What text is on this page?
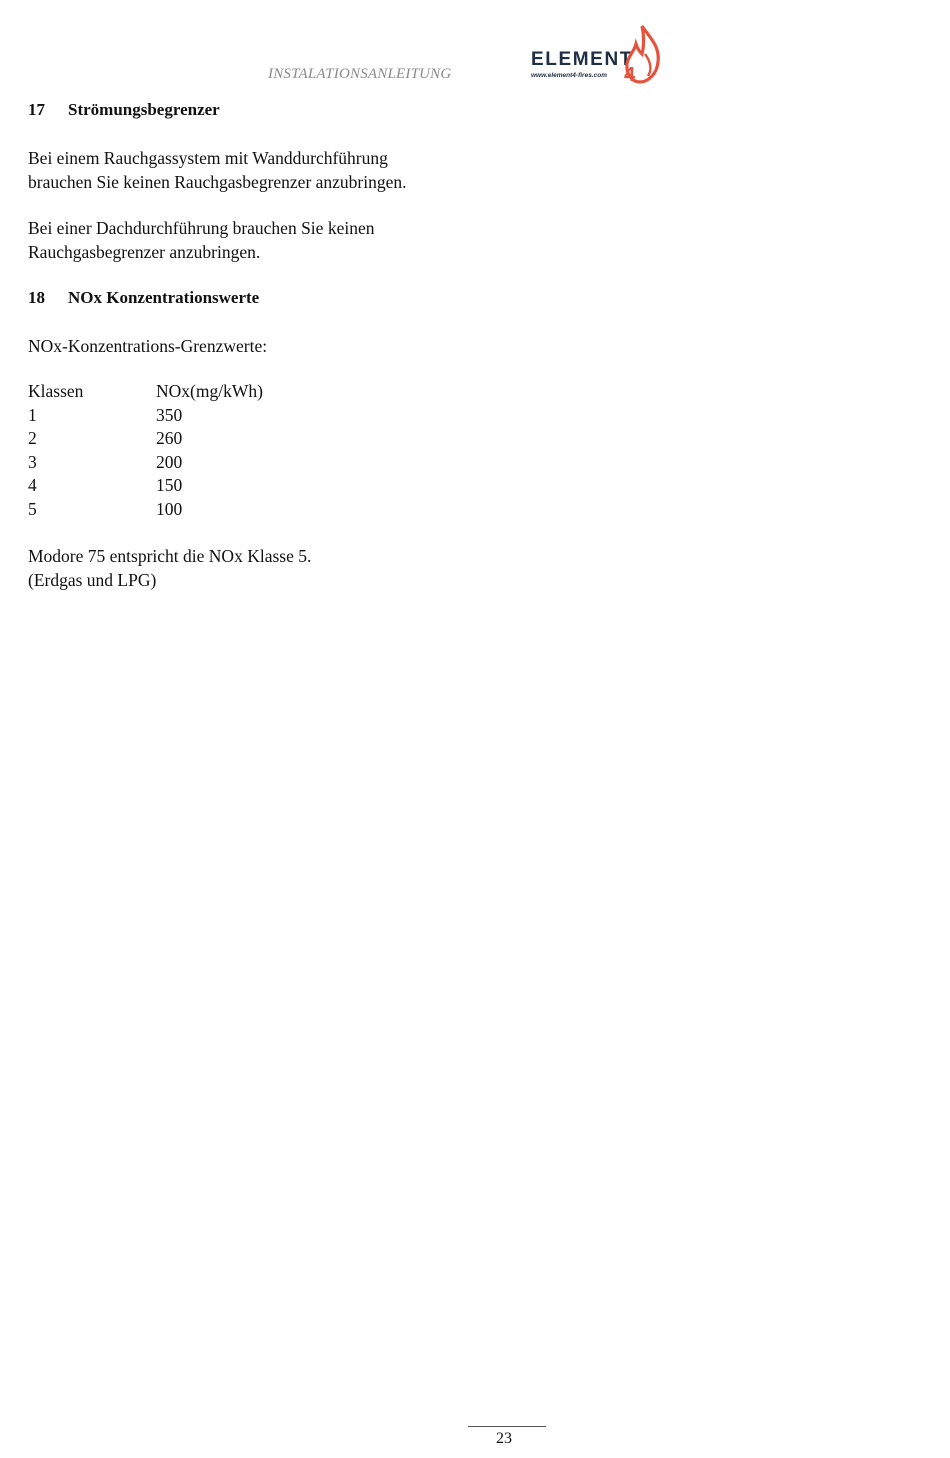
INSTALATIONSANLEITUNG
ELEMENT
www.element4-fires.com 4
17 Strömungsbegrenzer
Bei einem Rauchgassystem mit Wanddurchführung
brauchen Sie keinen Rauchgasbegrenzer anzubringen.
Bei einer Dachdurchführung brauchen Sie keinen
Rauchgasbegrenzer anzubringen.
18 NOx Konzentrationswerte
NOx-Konzentrations-Grenzwerte:
Klassen	NOx(mg/kWh)
1	350
2	260
3	200
4	150
5	100
Modore 75 entspricht die NOx Klasse 5.
(Erdgas und LPG)
23
